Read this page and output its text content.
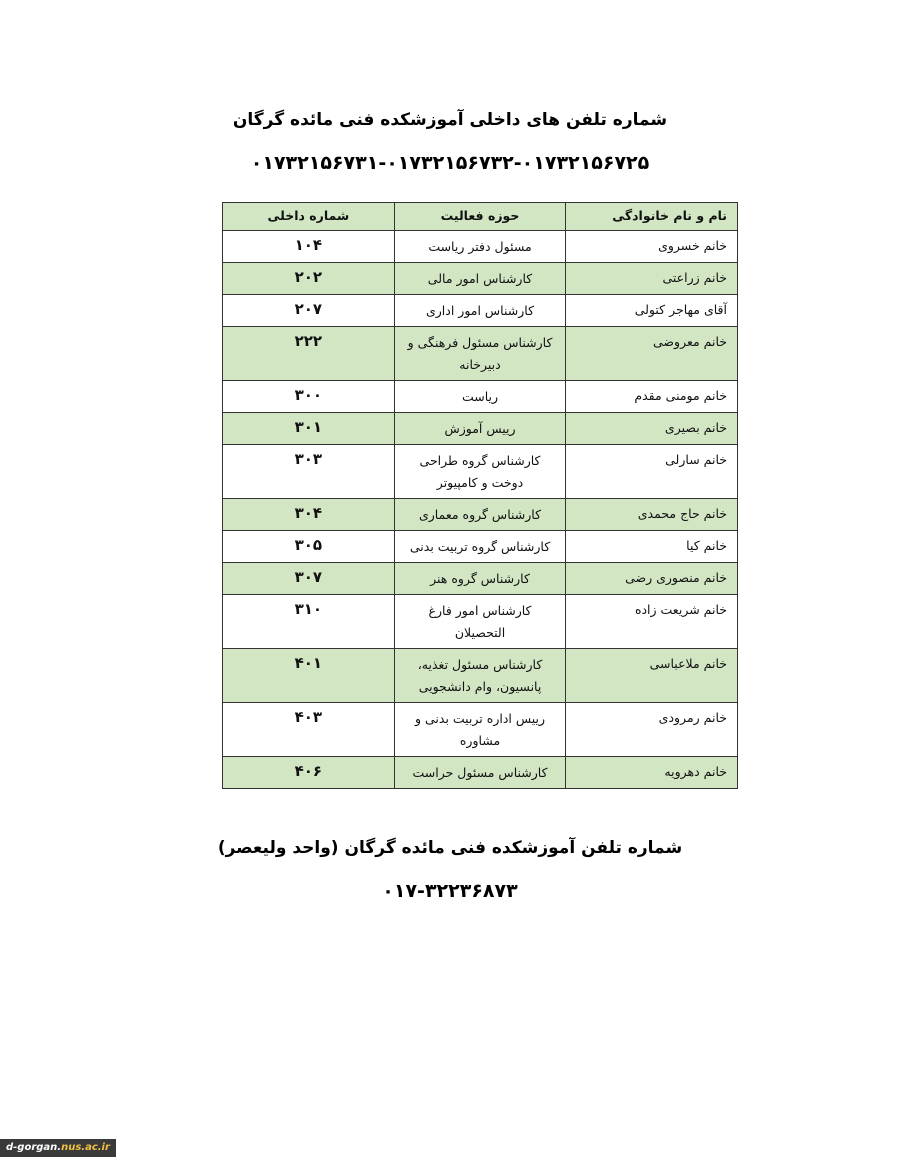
شماره تلفن های داخلی آموزشکده فنی مائده گرگان
۰۱۷۳۲۱۵۶۷۳۱-۰۱۷۳۲۱۵۶۷۳۲-۰۱۷۳۲۱۵۶۷۲۵
نام و نام خانوادگی	حوزه فعالیت	شماره داخلی
خانم خسروی	مسئول دفتر ریاست	۱۰۴
خانم زراعتی	کارشناس امور مالی	۲۰۲
آقای مهاجر کتولی	کارشناس امور اداری	۲۰۷
خانم معروضی	کارشناس مسئول فرهنگی و دبیرخانه	۲۲۲
خانم مومنی مقدم	ریاست	۳۰۰
خانم بصیری	رییس آموزش	۳۰۱
خانم سارلی	کارشناس گروه طراحی دوخت و کامپیوتر	۳۰۳
خانم حاج محمدی	کارشناس گروه معماری	۳۰۴
خانم کیا	کارشناس گروه تربیت بدنی	۳۰۵
خانم منصوری رضی	کارشناس گروه هنر	۳۰۷
خانم شریعت زاده	کارشناس امور فارغ التحصیلان	۳۱۰
خانم ملاعباسی	کارشناس مسئول تغذیه، پانسیون، وام دانشجویی	۴۰۱
خانم رمرودی	رییس اداره تربیت بدنی و مشاوره	۴۰۳
خانم دهرویه	کارشناس مسئول حراست	۴۰۶
شماره تلفن آموزشکده فنی مائده گرگان (واحد ولیعصر)
۰۱۷-۳۲۲۳۶۸۷۳
d-gorgan.nus.ac.ir
